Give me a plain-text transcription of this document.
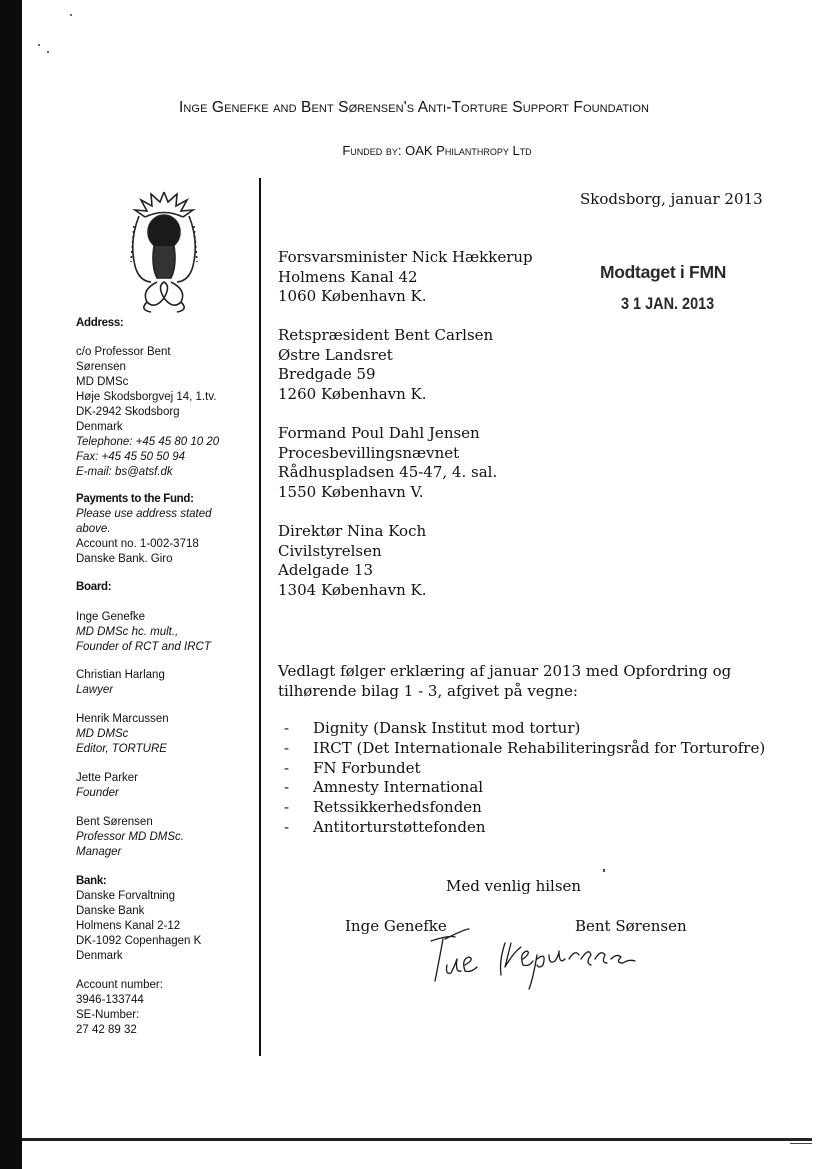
Inge Genefke and Bent Sørensen's Anti-Torture Support Foundation
Funded by: OAK Philanthropy Ltd
Address:
c/o Professor Bent
Sørensen
MD DMSc
Høje Skodsborgvej 14, 1.tv.
DK-2942 Skodsborg
Denmark
Telephone: +45 45 80 10 20
Fax: +45 45 50 50 94
E-mail: bs@atsf.dk
Payments to the Fund:
Please use address stated
above.
Account no. 1-002-3718
Danske Bank. Giro
Board:
Inge Genefke
MD DMSc hc. mult.,
Founder of RCT and IRCT
Christian Harlang
Lawyer
Henrik Marcussen
MD DMSc
Editor, TORTURE
Jette Parker
Founder
Bent Sørensen
Professor MD DMSc.
Manager
Bank:
Danske Forvaltning
Danske Bank
Holmens Kanal 2-12
DK-1092 Copenhagen K
Denmark
Account number:
3946-133744
SE-Number:
27 42 89 32
Skodsborg, januar 2013
Modtaget i FMN
3 1 JAN. 2013
Forsvarsminister Nick Hækkerup
Holmens Kanal 42
1060 København K.
Retspræsident Bent Carlsen
Østre Landsret
Bredgade 59
1260 København K.
Formand Poul Dahl Jensen
Procesbevillingsnævnet
Rådhuspladsen 45-47, 4. sal.
1550 København V.
Direktør Nina Koch
Civilstyrelsen
Adelgade 13
1304 København K.
Vedlagt følger erklæring af januar 2013 med Opfordring og
tilhørende bilag 1 - 3, afgivet på vegne:
- Dignity (Dansk Institut mod tortur)
- IRCT (Det Internationale Rehabiliteringsråd for Torturofre)
- FN Forbundet
- Amnesty International
- Retssikkerhedsfonden
- Antitorturstøttefonden
Med venlig hilsen
Inge Genefke	Bent Sørensen
